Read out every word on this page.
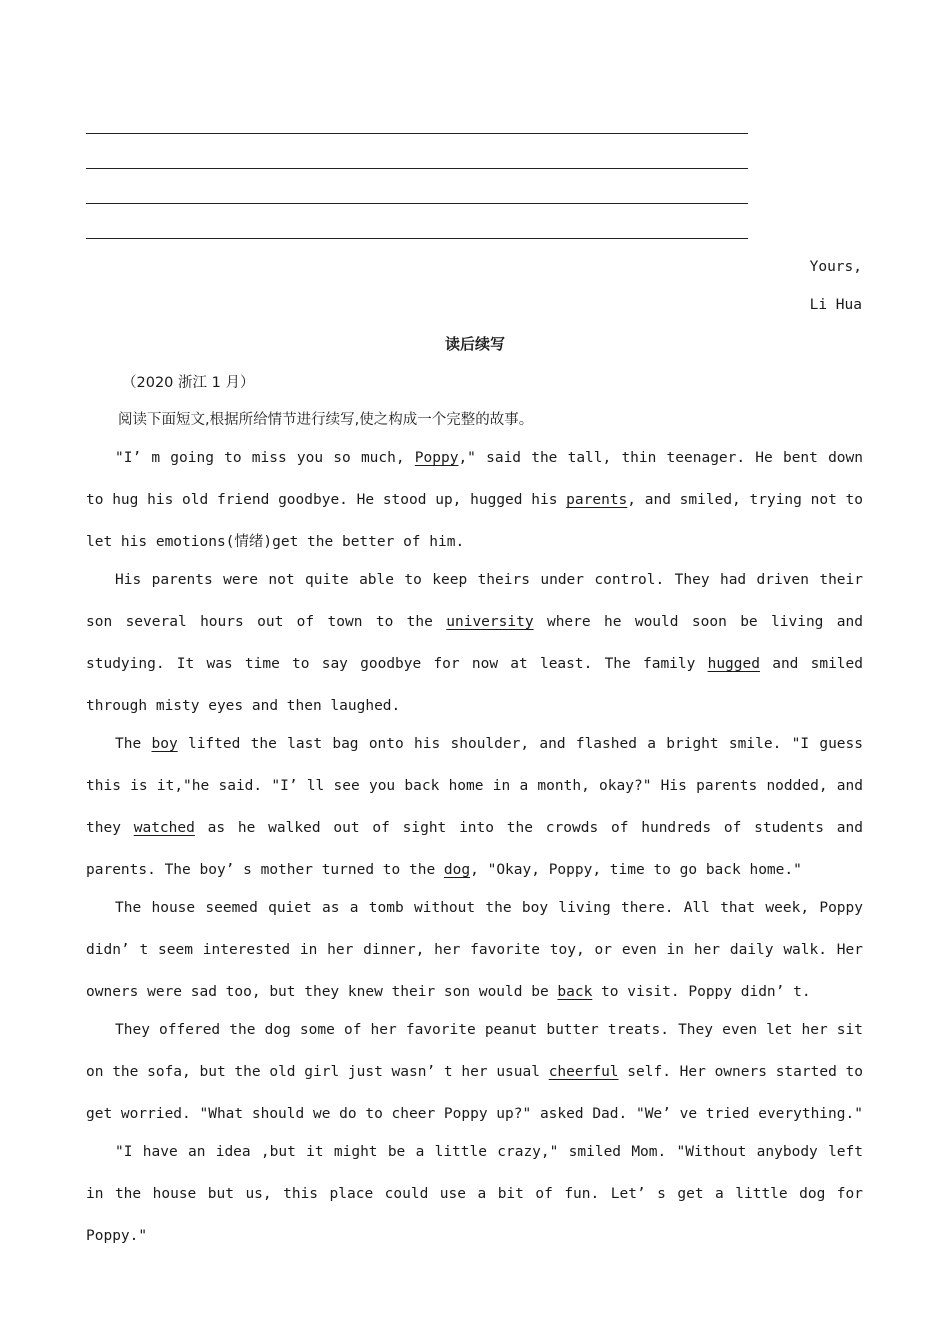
Yours,
Li Hua
读后续写
（2020 浙江 1 月）
阅读下面短文,根据所给情节进行续写,使之构成一个完整的故事。

"I’ m going to miss you so much, Poppy," said the tall, thin teenager. He bent down to hug his old friend goodbye. He stood up, hugged his parents, and smiled, trying not to let his emotions(情绪)get the better of him.

His parents were not quite able to keep theirs under control. They had driven their son several hours out of town to the university where he would soon be living and studying. It was time to say goodbye for now at least. The family hugged and smiled through misty eyes and then laughed.

The boy lifted the last bag onto his shoulder, and flashed a bright smile. "I guess this is it,"he said. "I’ ll see you back home in a month, okay?" His parents nodded, and they watched as he walked out of sight into the crowds of hundreds of students and parents. The boy’ s mother turned to the dog, "Okay, Poppy, time to go back home."

The house seemed quiet as a tomb without the boy living there. All that week, Poppy didn’ t seem interested in her dinner, her favorite toy, or even in her daily walk. Her owners were sad too, but they knew their son would be back to visit. Poppy didn’ t.

They offered the dog some of her favorite peanut butter treats. They even let her sit on the sofa, but the old girl just wasn’ t her usual cheerful self. Her owners started to get worried. "What should we do to cheer Poppy up?" asked Dad. "We’ ve tried everything."

"I have an idea ,but it might be a little crazy," smiled Mom. "Without anybody left in the house but us, this place could use a bit of fun. Let’ s get a little dog for Poppy."
